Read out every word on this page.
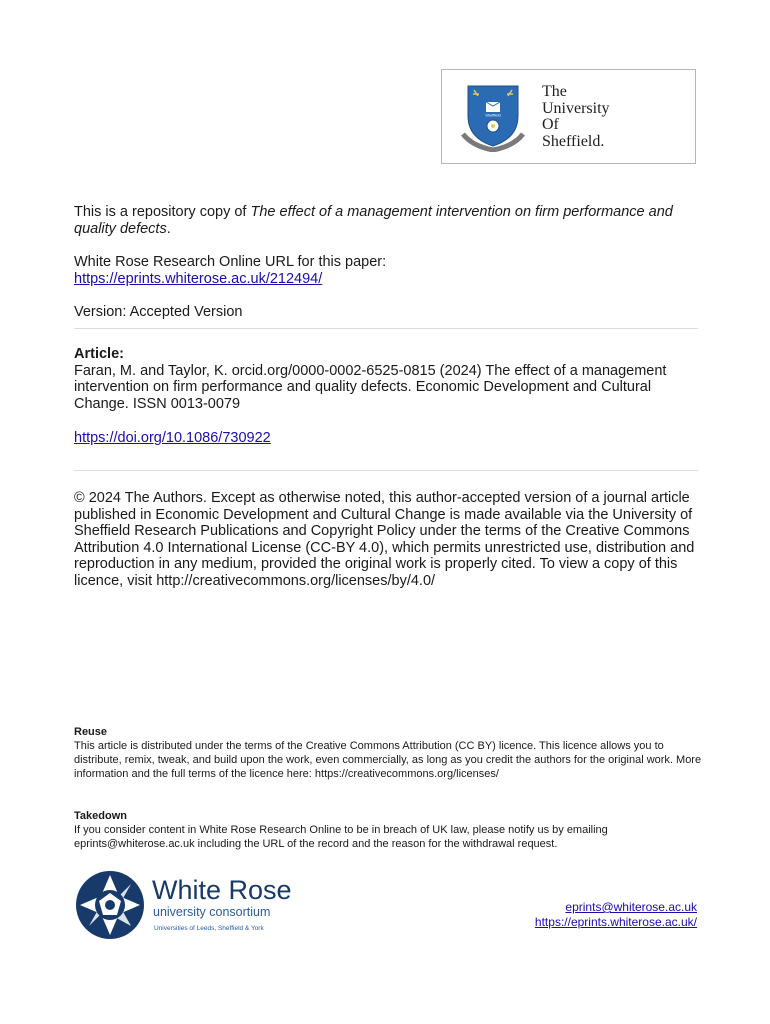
Sheffield
The
University
Of
Sheffield.
This is a repository copy of The effect of a management intervention on firm performance and quality defects.
White Rose Research Online URL for this paper:
https://eprints.whiterose.ac.uk/212494/
Version: Accepted Version
Article:
Faran, M. and Taylor, K. orcid.org/0000-0002-6525-0815 (2024) The effect of a management intervention on firm performance and quality defects. Economic Development and Cultural Change. ISSN 0013-0079
https://doi.org/10.1086/730922
© 2024 The Authors. Except as otherwise noted, this author-accepted version of a journal article published in Economic Development and Cultural Change is made available via the University of Sheffield Research Publications and Copyright Policy under the terms of the Creative Commons Attribution 4.0 International License (CC-BY 4.0), which permits unrestricted use, distribution and reproduction in any medium, provided the original work is properly cited. To view a copy of this licence, visit http://creativecommons.org/licenses/by/4.0/
Reuse
This article is distributed under the terms of the Creative Commons Attribution (CC BY) licence. This licence allows you to distribute, remix, tweak, and build upon the work, even commercially, as long as you credit the authors for the original work. More information and the full terms of the licence here: https://creativecommons.org/licenses/
Takedown
If you consider content in White Rose Research Online to be in breach of UK law, please notify us by emailing eprints@whiterose.ac.uk including the URL of the record and the reason for the withdrawal request.
White Rose
university consortium
Universities of Leeds, Sheffield & York
eprints@whiterose.ac.uk
https://eprints.whiterose.ac.uk/
